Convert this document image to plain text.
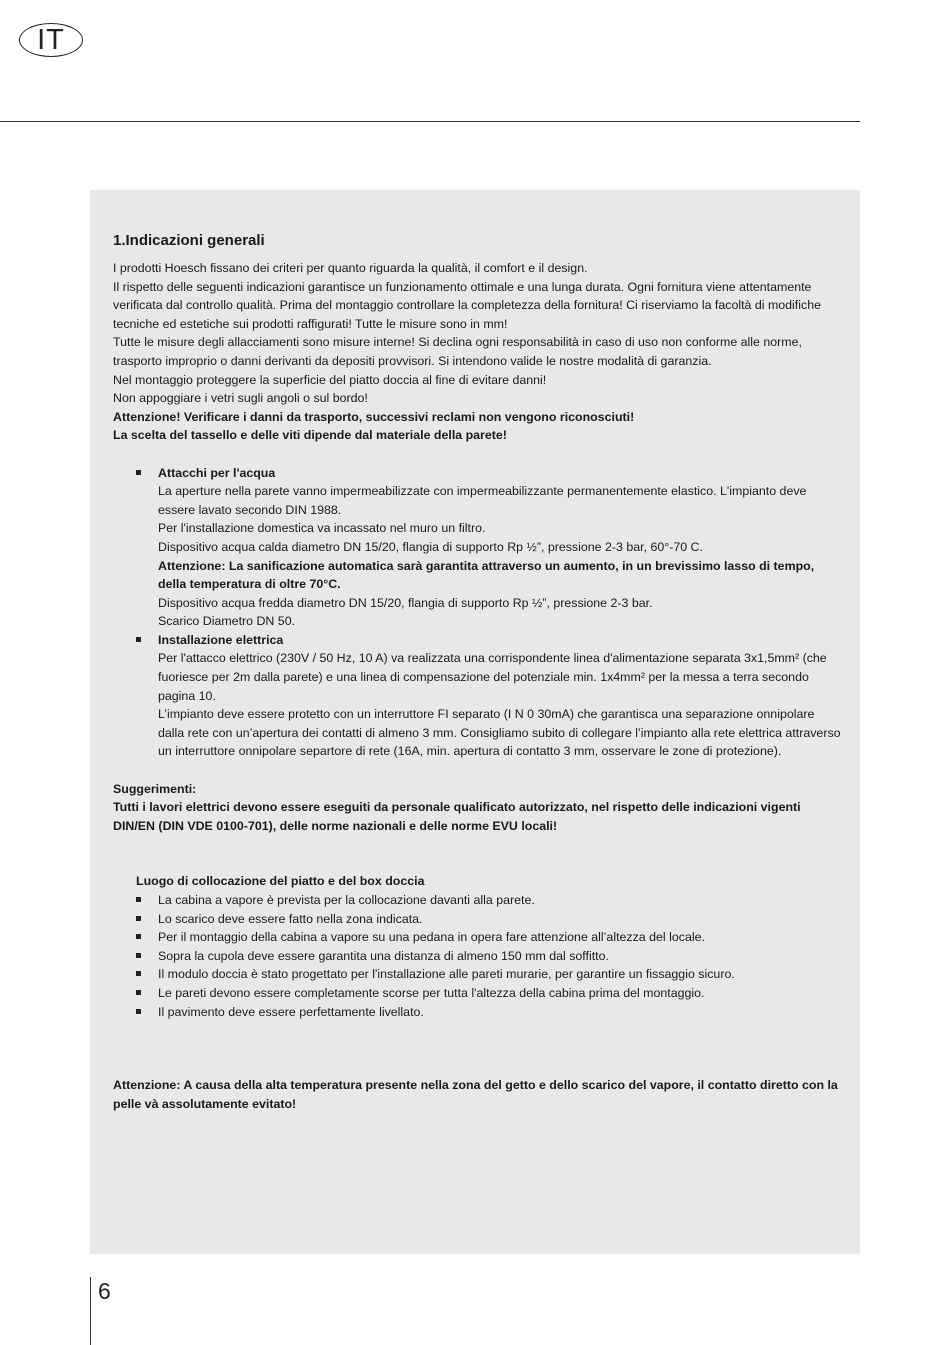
IT
1.Indicazioni generali

I prodotti Hoesch fissano dei criteri per quanto riguarda la qualità, il comfort e il design.

Il rispetto delle seguenti indicazioni garantisce un funzionamento ottimale e una lunga durata. Ogni fornitura viene attentamente verificata dal controllo qualità. Prima del montaggio controllare la completezza della fornitura! Ci riserviamo la facoltà di modifiche tecniche ed estetiche sui prodotti raffigurati! Tutte le misure sono in mm!

Tutte le misure degli allacciamenti sono misure interne! Si declina ogni responsabilità in caso di uso non conforme alle norme, trasporto improprio o danni derivanti da depositi provvisori. Si intendono valide le nostre modalità di garanzia.

Nel montaggio proteggere la superficie del piatto doccia al fine di evitare danni!

Non appoggiare i vetri sugli angoli o sul bordo!

Attenzione! Verificare i danni da trasporto, successivi reclami non vengono riconosciuti!

La scelta del tassello e delle viti dipende dal materiale della parete!

Attacchi per l'acqua

La aperture nella parete vanno impermeabilizzate con impermeabilizzante permanentemente elastico. L'impianto deve essere lavato secondo DIN 1988.

Per l'installazione domestica va incassato nel muro un filtro.

Dispositivo acqua calda diametro DN 15/20, flangia di supporto Rp ½”, pressione 2-3 bar, 60°-70 C.

Attenzione: La sanificazione automatica sarà garantita attraverso un aumento, in un brevissimo lasso di tempo, della temperatura di oltre 70°C.

Dispositivo acqua fredda diametro DN 15/20, flangia di supporto Rp ½”, pressione 2-3 bar.

Scarico Diametro DN 50.

Installazione elettrica

Per l'attacco elettrico (230V / 50 Hz, 10 A) va realizzata una corrispondente linea d'alimentazione separata 3x1,5mm² (che fuoriesce per 2m dalla parete) e una linea di compensazione del potenziale min. 1x4mm² per la messa a terra secondo pagina 10.

L’impianto deve essere protetto con un interruttore FI separato (I N 0 30mA) che garantisca una separazione onnipolare dalla rete con un’apertura dei contatti di almeno 3 mm. Consigliamo subito di collegare l’impianto alla rete elettrica attraverso un interruttore onnipolare separtore di rete (16A, min. apertura di contatto 3 mm, osservare le zone di protezione).

Suggerimenti:

Tutti i lavori elettrici devono essere eseguiti da personale qualificato autorizzato, nel rispetto delle indicazioni vigenti DIN/EN (DIN VDE 0100-701), delle norme nazionali e delle norme EVU locali!

Luogo di collocazione del piatto e del box doccia

La cabina a vapore è prevista per la collocazione davanti alla parete.
Lo scarico deve essere fatto nella zona indicata.
Per il montaggio della cabina a vapore su una pedana in opera fare attenzione all’altezza del locale.
Sopra la cupola deve essere garantita una distanza di almeno 150 mm dal soffitto.
Il modulo doccia è stato progettato per l'installazione alle pareti murarie, per garantire un fissaggio sicuro.
Le pareti devono essere completamente scorse per tutta l'altezza della cabina prima del montaggio.
Il pavimento deve essere perfettamente livellato.

Attenzione: A causa della alta temperatura presente nella zona del getto e dello scarico del vapore, il contatto diretto con la pelle và assolutamente evitato!

6
